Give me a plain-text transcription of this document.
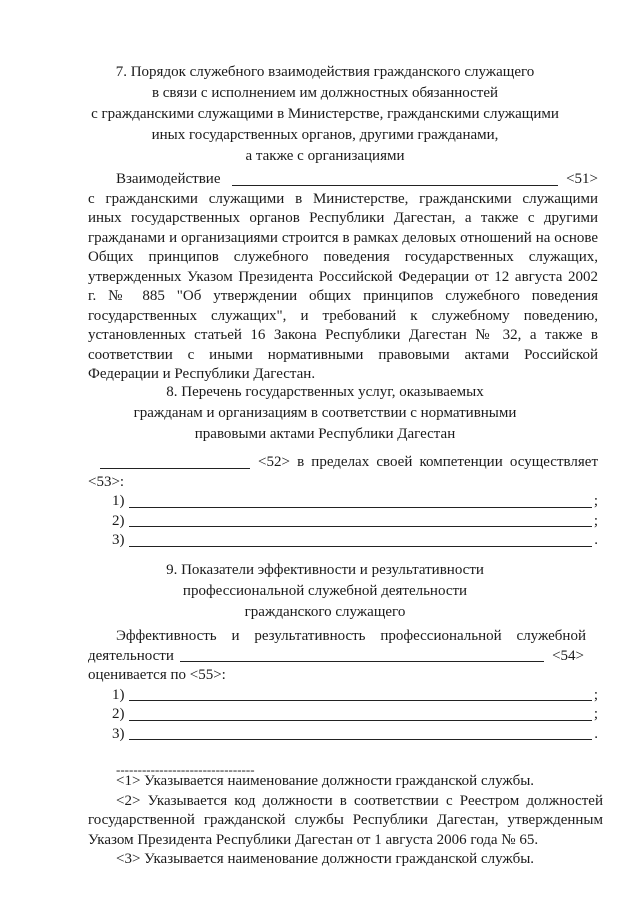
7. Порядок служебного взаимодействия гражданского служащего
в связи с исполнением им должностных обязанностей
с гражданскими служащими в Министерстве, гражданскими служащими
иных государственных органов, другими гражданами,
а также с организациями
Взаимодействие	<51>
с гражданскими служащими в Министерстве, гражданскими служащими
иных государственных органов Республики Дагестан, а также с другими
гражданами и организациями строится в рамках деловых отношений на основе
Общих принципов служебного поведения государственных служащих,
утвержденных Указом Президента Российской Федерации от 12 августа 2002
г. № 885 "Об утверждении общих принципов служебного поведения
государственных служащих", и требований к служебному поведению,
установленных статьей 16 Закона Республики Дагестан № 32, а также в
соответствии с иными нормативными правовыми актами Российской
Федерации и Республики Дагестан.
8. Перечень государственных услуг, оказываемых
гражданам и организациям в соответствии с нормативными
правовыми актами Республики Дагестан
<52> в пределах своей компетенции осуществляет
<53>:
1)	;
2)	;
3)	.
9. Показатели эффективности и результативности
профессиональной служебной деятельности
гражданского служащего
Эффективность и результативность профессиональной служебной
деятельности	<54>
оценивается по <55>:
1)	;
2)	;
3)	.
--------------------------------
<1> Указывается наименование должности гражданской службы.
<2> Указывается код должности в соответствии с Реестром должностей
государственной гражданской службы Республики Дагестан, утвержденным
Указом Президента Республики Дагестан от 1 августа 2006 года № 65.
<3> Указывается наименование должности гражданской службы.
